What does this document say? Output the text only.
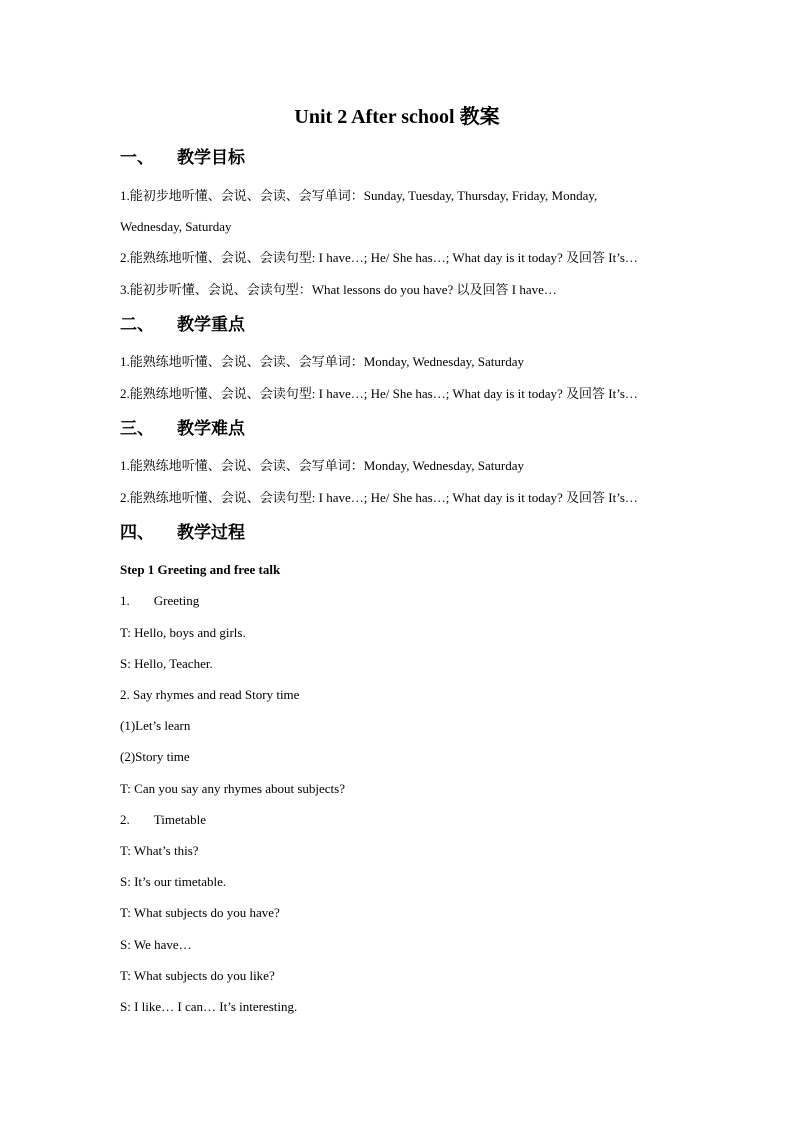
Unit 2 After school 教案
一、 教学目标
1.能初步地听懂、会说、会读、会写单词：Sunday, Tuesday, Thursday, Friday, Monday,
Wednesday, Saturday
2.能熟练地听懂、会说、会读句型: I have…; He/ She has…; What day is it today? 及回答 It’s…
3.能初步听懂、会说、会读句型：What lessons do you have? 以及回答 I have…
二、 教学重点
1.能熟练地听懂、会说、会读、会写单词：Monday, Wednesday, Saturday
2.能熟练地听懂、会说、会读句型: I have…; He/ She has…; What day is it today? 及回答 It’s…
三、 教学难点
1.能熟练地听懂、会说、会读、会写单词：Monday, Wednesday, Saturday
2.能熟练地听懂、会说、会读句型: I have…; He/ She has…; What day is it today? 及回答 It’s…
四、 教学过程
Step 1 Greeting and free talk
1. Greeting
T: Hello, boys and girls.
S: Hello, Teacher.
2. Say rhymes and read Story time
(1)Let’s learn
(2)Story time
T: Can you say any rhymes about subjects?
2. Timetable
T: What’s this?
S: It’s our timetable.
T: What subjects do you have?
S: We have…
T: What subjects do you like?
S: I like… I can… It’s interesting.
